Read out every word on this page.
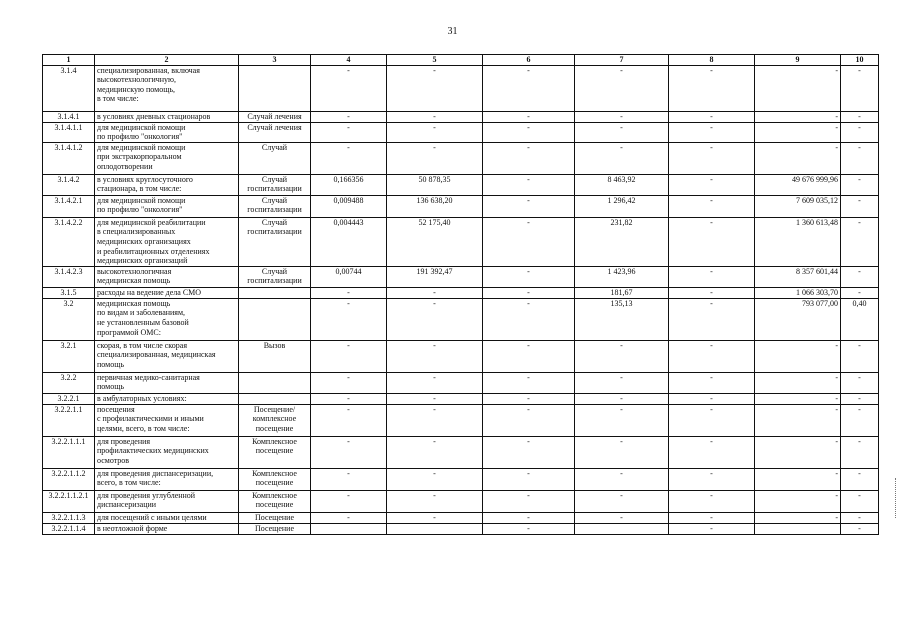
31
1	2	3	4	5	6	7	8	9	10
3.1.4	специализированная, включая
высокотехнологичную,
медицинскую помощь,
в том числе:		-	-	-	-	-	-	-
3.1.4.1	в условиях дневных стационаров	Случай лечения	-	-	-	-	-	-	-
3.1.4.1.1	для медицинской помощи
по профилю "онкология"	Случай лечения	-	-	-	-	-	-	-
3.1.4.1.2	для медицинской помощи
при экстракорпоральном
оплодотворении	Случай	-	-	-	-	-	-	-
3.1.4.2	в условиях круглосуточного
стационара, в том числе:	Случай
госпитализации	0,166356	50 878,35	-	8 463,92	-	49 676 999,96	-
3.1.4.2.1	для медицинской помощи
по профилю "онкология"	Случай
госпитализации	0,009488	136 638,20	-	1 296,42	-	7 609 035,12	-
3.1.4.2.2	для медицинской реабилитации
в специализированных
медицинских организациях
и реабилитационных отделениях
медицинских организаций	Случай
госпитализации	0,004443	52 175,40	-	231,82	-	1 360 613,48	-
3.1.4.2.3	высокотехнологичная
медицинская помощь	Случай
госпитализации	0,00744	191 392,47	-	1 423,96	-	8 357 601,44	-
3.1.5	расходы на ведение дела СМО		-	-	-	181,67	-	1 066 303,70	-
3.2	медицинская помощь
по видам и заболеваниям,
не установленным базовой
программой ОМС:		-	-	-	135,13	-	793 077,00	0,40
3.2.1	скорая, в том числе скорая
специализированная, медицинская
помощь	Вызов	-	-	-	-	-	-	-
3.2.2	первичная медико-санитарная
помощь		-	-	-	-	-	-	-
3.2.2.1	в амбулаторных условиях:		-	-	-	-	-	-	-
3.2.2.1.1	посещения
с профилактическими и иными
целями, всего, в том числе:	Посещение/
комплексное
посещение	-	-	-	-	-	-	-
3.2.2.1.1.1	для проведения
профилактических медицинских
осмотров	Комплексное
посещение	-	-	-	-	-	-	-
3.2.2.1.1.2	для проведения диспансеризации,
всего, в том числе:	Комплексное
посещение	-	-	-	-	-	-	-
3.2.2.1.1.2.1	для проведения углубленной
диспансеризации	Комплексное
посещение	-	-	-	-	-	-	-
3.2.2.1.1.3	для посещений с иными целями	Посещение	-	-	-	-	-	-	-
3.2.2.1.1.4	в неотложной форме	Посещение			-		-		-
